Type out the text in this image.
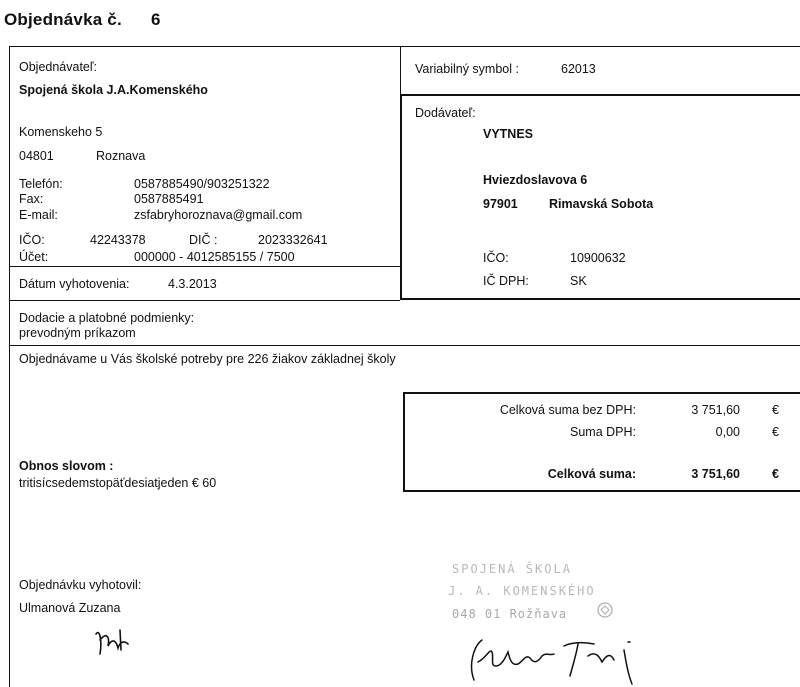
Objednávka č. 6
Objednávateľ:
Spojená škola J.A.Komenského
Komenskeho 5
04801	Roznava
Telefón:	0587885490/903251322
Fax:	0587885491
E-mail:	zsfabryhoroznava@gmail.com
IČO:	42243378	DIČ :	2023332641
Účet:	000000 - 4012585155 / 7500
Variabilný symbol :	62013
Dodávateľ:
VYTNES
Hviezdoslavova 6
97901 Rimavská Sobota
IČO:	10900632
IČ DPH:	SK
Dátum vyhotovenia:	4.3.2013
Dodacie a platobné podmienky:
prevodným príkazom
Objednávame u Vás školské potreby pre 226 žiakov základnej školy
Celková suma bez DPH:	3 751,60	€
Suma DPH:	0,00	€
Celková suma:	3 751,60	€
Obnos slovom :
tritisícsedemstopäťdesiatjeden € 60
Objednávku vyhotovil:
Ulmanová Zuzana
SPOJENÁ ŠKOLA
J. A. KOMENSKÉHO
048 01 Rožňava
